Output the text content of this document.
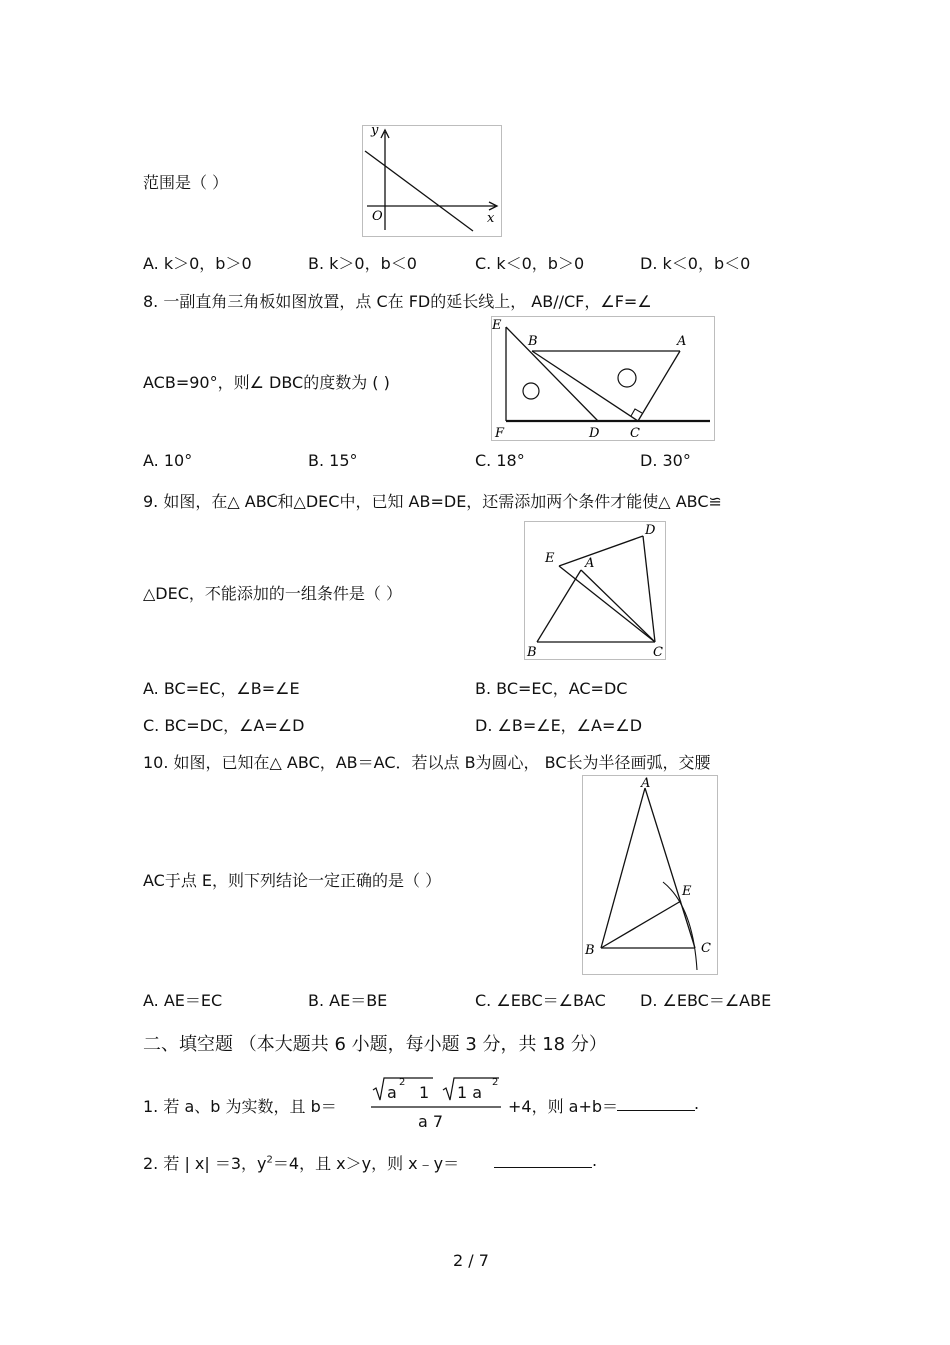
范围是（ ）
y
x
O
A. k＞0，b＞0	B. k＞0，b＜0	C. k＜0，b＞0	D. k＜0，b＜0
8. 一副直角三角板如图放置，点 C在 FD的延长线上， AB//CF，∠F=∠
ACB=90°，则∠ DBC的度数为 ( )
E
B	A
F	D C
A. 10°	B. 15°	C. 18°	D. 30°
9. 如图，在△ ABC和△DEC中，已知 AB=DE，还需添加两个条件才能使△ ABC≌
△DEC，不能添加的一组条件是（ ）
D
E A
B	C
A. BC=EC，∠B=∠E	B. BC=EC，AC=DC
C. BC=DC，∠A=∠D	D. ∠B=∠E，∠A=∠D
10. 如图，已知在△ ABC，AB＝AC．若以点 B为圆心， BC长为半径画弧，交腰
AC于点 E，则下列结论一定正确的是（ ）
A
E
B	C
A. AE＝EC	B. AE＝BE	C. ∠EBC＝∠BAC D. ∠EBC＝∠ABE
二、填空题 （本大题共 6 小题，每小题 3 分，共 18 分）
1. 若 a、b 为实数，且 b＝
a
2
1 1 a
2
a 7
+4，则 a+b＝	.
2. 若 | x| ＝3，$y^2=4$，且 x＞y，则 x﹣y＝	.
2 / 7
